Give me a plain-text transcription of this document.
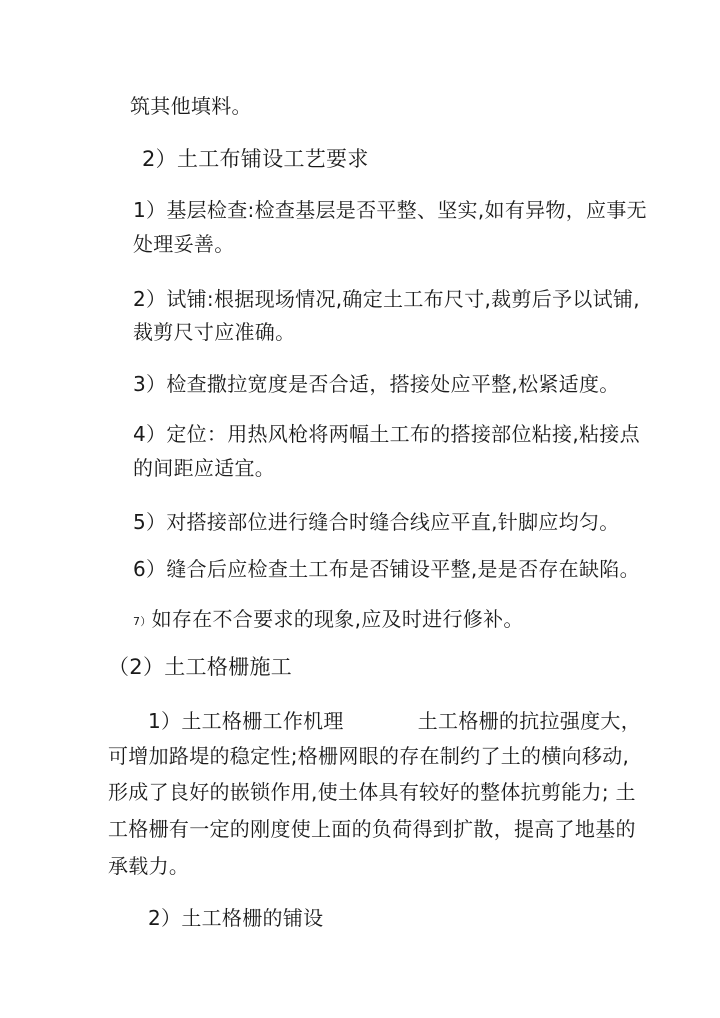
筑其他填料。
2）土工布铺设工艺要求
1）基层检查:检查基层是否平整、坚实,如有异物，应事无
处理妥善。
2）试铺:根据现场情况,确定土工布尺寸,裁剪后予以试铺,
裁剪尺寸应准确。
3）检查撒拉宽度是否合适，搭接处应平整,松紧适度。
4）定位：用热风枪将两幅土工布的搭接部位粘接,粘接点
的间距应适宜。
5）对搭接部位进行缝合时缝合线应平直,针脚应均匀。
6）缝合后应检查土工布是否铺设平整,是是否存在缺陷。
7）如存在不合要求的现象,应及时进行修补。
（2）土工格栅施工
1）土工格栅工作机理	土工格栅的抗拉强度大，
可增加路堤的稳定性;格栅网眼的存在制约了土的横向移动,
形成了良好的嵌锁作用,使土体具有较好的整体抗剪能力; 土
工格栅有一定的刚度使上面的负荷得到扩散，提高了地基的
承载力。
2）土工格栅的铺设
